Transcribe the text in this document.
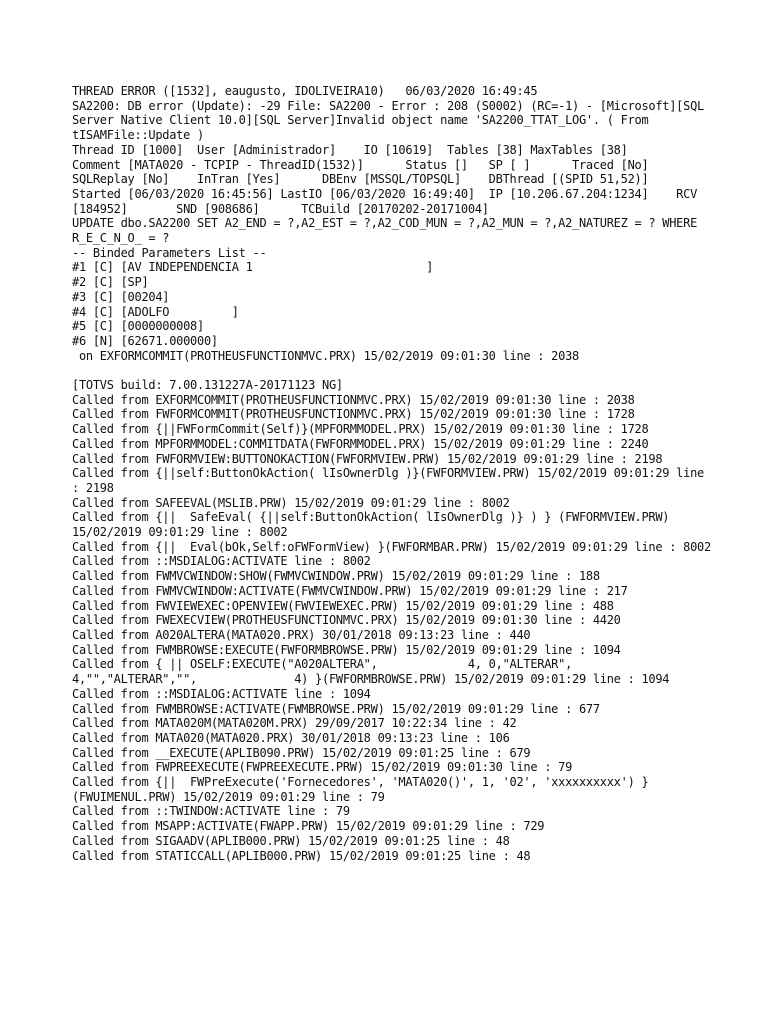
THREAD ERROR ([1532], eaugusto, IDOLIVEIRA10)   06/03/2020 16:49:45

SA2200: DB error (Update): -29 File: SA2200 - Error : 208 (S0002) (RC=-1) - [Microsoft][SQL Server Native Client 10.0][SQL Server]Invalid object name 'SA2200_TTAT_LOG'. ( From tISAMFile::Update )

Thread ID [1000]  User [Administrador]    IO [10619]  Tables [38] MaxTables [38]      Comment [MATA020 - TCPIP - ThreadID(1532)]      Status []   SP [ ]      Traced [No]  SQLReplay [No]    InTran [Yes]      DBEnv [MSSQL/TOPSQL]    DBThread [(SPID 51,52)]      Started [06/03/2020 16:45:56] LastIO [06/03/2020 16:49:40]  IP [10.206.67.204:1234]    RCV [184952]       SND [908686]      TCBuild [20170202-20171004]

UPDATE dbo.SA2200 SET A2_END = ?,A2_EST = ?,A2_COD_MUN = ?,A2_MUN = ?,A2_NATUREZ = ? WHERE R_E_C_N_O_ = ?

-- Binded Parameters List --

#1 [C] [AV INDEPENDENCIA 1                         ]

#2 [C] [SP]

#3 [C] [00204]

#4 [C] [ADOLFO         ]

#5 [C] [0000000008]

#6 [N] [62671.000000]

on EXFORMCOMMIT(PROTHEUSFUNCTIONMVC.PRX) 15/02/2019 09:01:30 line : 2038

[TOTVS build: 7.00.131227A-20171123 NG]

Called from EXFORMCOMMIT(PROTHEUSFUNCTIONMVC.PRX) 15/02/2019 09:01:30 line : 2038

Called from FWFORMCOMMIT(PROTHEUSFUNCTIONMVC.PRX) 15/02/2019 09:01:30 line : 1728

Called from {||FWFormCommit(Self)}(MPFORMMODEL.PRX) 15/02/2019 09:01:30 line : 1728

Called from MPFORMMODEL:COMMITDATA(FWFORMMODEL.PRX) 15/02/2019 09:01:29 line : 2240

Called from FWFORMVIEW:BUTTONOKACTION(FWFORMVIEW.PRW) 15/02/2019 09:01:29 line : 2198

Called from {||self:ButtonOkAction( lIsOwnerDlg )}(FWFORMVIEW.PRW) 15/02/2019 09:01:29 line : 2198

Called from SAFEEVAL(MSLIB.PRW) 15/02/2019 09:01:29 line : 8002

Called from {||  SafeEval( {||self:ButtonOkAction( lIsOwnerDlg )} ) } (FWFORMVIEW.PRW) 15/02/2019 09:01:29 line : 8002

Called from {||  Eval(bOk,Self:oFWFormView) }(FWFORMBAR.PRW) 15/02/2019 09:01:29 line : 8002

Called from ::MSDIALOG:ACTIVATE line : 8002

Called from FWMVCWINDOW:SHOW(FWMVCWINDOW.PRW) 15/02/2019 09:01:29 line : 188

Called from FWMVCWINDOW:ACTIVATE(FWMVCWINDOW.PRW) 15/02/2019 09:01:29 line : 217

Called from FWVIEWEXEC:OPENVIEW(FWVIEWEXEC.PRW) 15/02/2019 09:01:29 line : 488

Called from FWEXECVIEW(PROTHEUSFUNCTIONMVC.PRX) 15/02/2019 09:01:30 line : 4420

Called from A020ALTERA(MATA020.PRX) 30/01/2018 09:13:23 line : 440

Called from FWMBROWSE:EXECUTE(FWFORMBROWSE.PRW) 15/02/2019 09:01:29 line : 1094

Called from { || OSELF:EXECUTE("A020ALTERA",             4, 0,"ALTERAR",             4,"","ALTERAR","",              4) }(FWFORMBROWSE.PRW) 15/02/2019 09:01:29 line : 1094

Called from ::MSDIALOG:ACTIVATE line : 1094

Called from FWMBROWSE:ACTIVATE(FWMBROWSE.PRW) 15/02/2019 09:01:29 line : 677

Called from MATA020M(MATA020M.PRX) 29/09/2017 10:22:34 line : 42

Called from MATA020(MATA020.PRX) 30/01/2018 09:13:23 line : 106

Called from __EXECUTE(APLIB090.PRW) 15/02/2019 09:01:25 line : 679

Called from FWPREEXECUTE(FWPREEXECUTE.PRW) 15/02/2019 09:01:30 line : 79

Called from {||  FWPreExecute('Fornecedores', 'MATA020()', 1, '02', 'xxxxxxxxxx') }(FWUIMENUL.PRW) 15/02/2019 09:01:29 line : 79

Called from ::TWINDOW:ACTIVATE line : 79

Called from MSAPP:ACTIVATE(FWAPP.PRW) 15/02/2019 09:01:29 line : 729

Called from SIGAADV(APLIB000.PRW) 15/02/2019 09:01:25 line : 48

Called from STATICCALL(APLIB000.PRW) 15/02/2019 09:01:25 line : 48
